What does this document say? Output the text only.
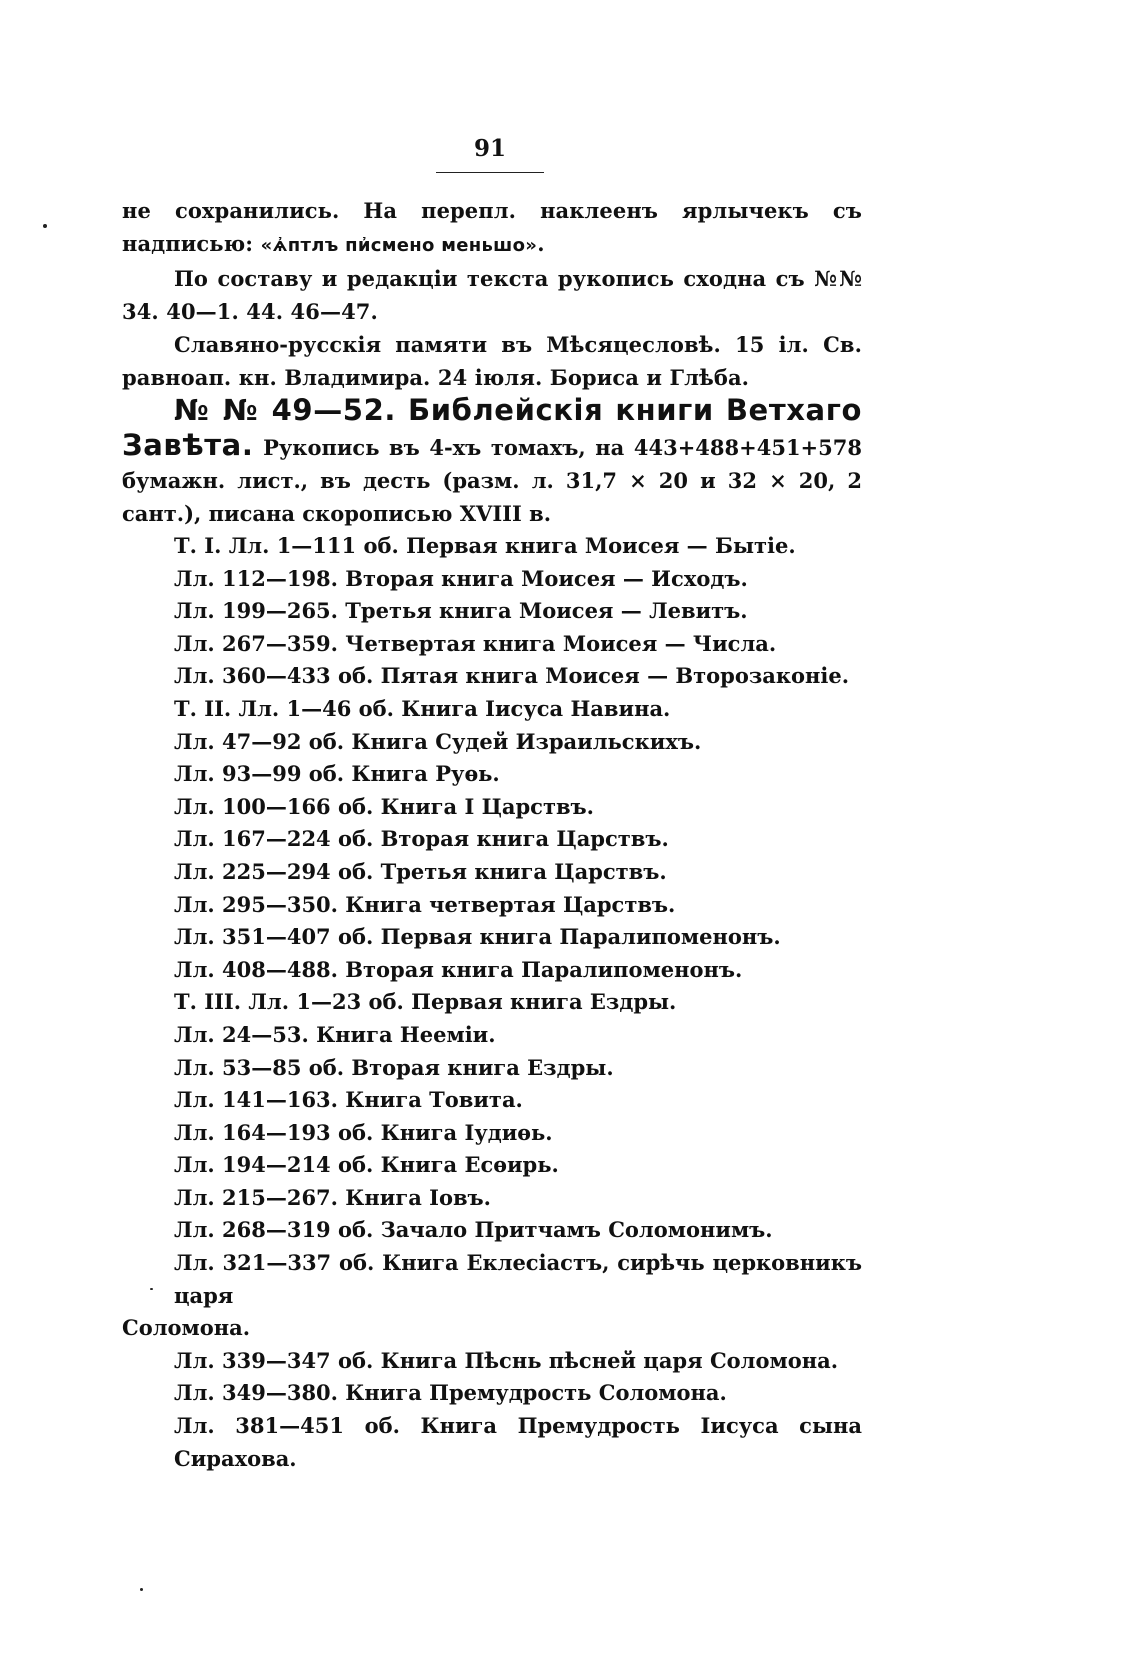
91

не сохранились. На перепл. наклеенъ ярлычекъ съ надписью: «ѧ҆птлъ пи҆смено меньшо».

По составу и редакціи текста рукопись сходна съ №№ 34. 40—1. 44. 46—47.

Славяно-русскія памяти въ Мѣсяцесловѣ. 15 іл. Св. равноап. кн. Владимира. 24 іюля. Бориса и Глѣба.

№ № 49—52. Библейскія книги Ветхаго Завѣта. Рукопись въ 4-хъ томахъ, на 443+488+451+578 бумажн. лист., въ десть (разм. л. 31,7 × 20 и 32 × 20, 2 сант.), писана скорописью XVIII в.

Т. I. Лл. 1—111 об. Первая книга Моисея — Бытіе.
Лл. 112—198. Вторая книга Моисея — Исходъ.
Лл. 199—265. Третья книга Моисея — Левитъ.
Лл. 267—359. Четвертая книга Моисея — Числа.
Лл. 360—433 об. Пятая книга Моисея — Второзаконіе.
Т. II. Лл. 1—46 об. Книга Іисуса Навина.
Лл. 47—92 об. Книга Судей Израильскихъ.
Лл. 93—99 об. Книга Руѳь.
Лл. 100—166 об. Книга I Царствъ.
Лл. 167—224 об. Вторая книга Царствъ.
Лл. 225—294 об. Третья книга Царствъ.
Лл. 295—350. Книга четвертая Царствъ.
Лл. 351—407 об. Первая книга Паралипоменонъ.
Лл. 408—488. Вторая книга Паралипоменонъ.
Т. III. Лл. 1—23 об. Первая книга Ездры.
Лл. 24—53. Книга Нееміи.
Лл. 53—85 об. Вторая книга Ездры.
Лл. 141—163. Книга Товита.
Лл. 164—193 об. Книга Іудиѳь.
Лл. 194—214 об. Книга Есѳирь.
Лл. 215—267. Книга Іовъ.
Лл. 268—319 об. Зачало Притчамъ Соломонимъ.
Лл. 321—337 об. Книга Еклесіастъ, сирѣчь церковникъ царя
Соломона.
Лл. 339—347 об. Книга Пѣснь пѣсней царя Соломона.
Лл. 349—380. Книга Премудрость Соломона.
Лл. 381—451 об. Книга Премудрость Іисуса сына Сирахова.
